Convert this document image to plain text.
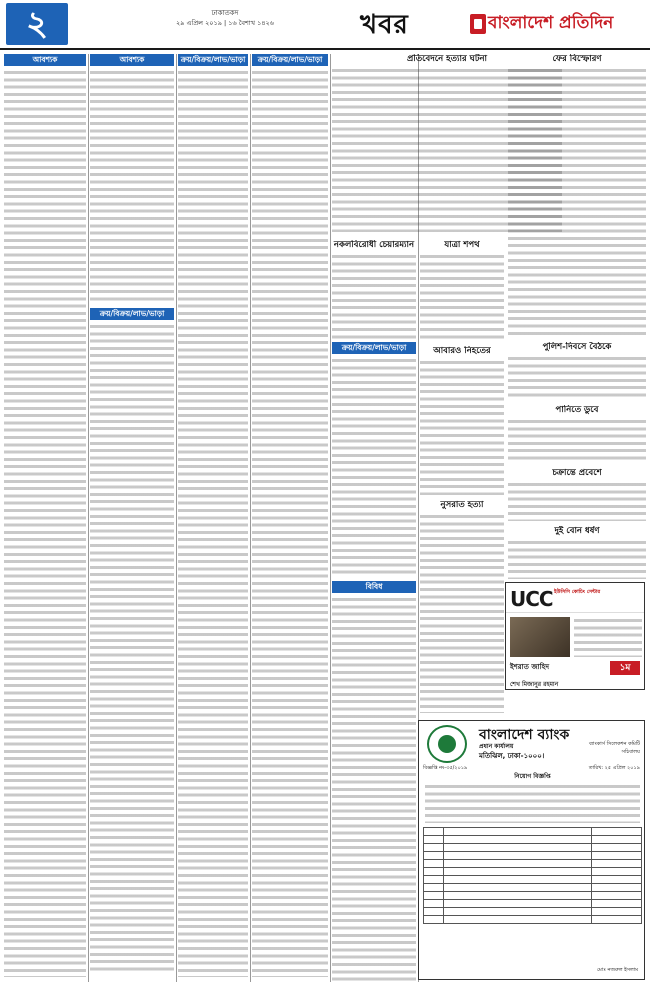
২	ঢাকাতকদ
২৯ এপ্রিল ২০১৯ | ১৬ বৈশাখ ১৪২৬	খবর	বাংলাদেশ প্রতিদিন
আবশ্যক	আবশ্যক
ক্রয়/বিক্রয়/লাভ/ভাড়া
ক্রয়/বিক্রয়/লাভ/ভাড়া	ক্রয়/বিক্রয়/লাভ/ভাড়া	প্রতিবেদনে হত্যার ঘটনা
নকলবিরোধী চেয়ারম্যান
ক্রয়/বিক্রয়/লাভ/ভাড়া
বিবিধ
যাত্রা শপথ
আবারও নিহতের
নুসরাত হত্যা
ফের বিস্ফোরণ
পুলিশ-দিবসে বৈঠকে
পানিতে ডুবে
চক্রান্তে প্রবেশে
দুই বোন ধর্ষণ
UCC ইউসিসি কোচিং সেন্টার
ইশরাত জাহিদ
শেখ মিজানুর রহমান
১ম
বাংলাদেশ ব্যাংক
প্রধান কার্যালয়
মতিঝিল, ঢাকা-১০০০।
ব্যাংকার্স সিলেকশন কমিটি সচিবালয়
বিজ্ঞপ্তি নং-৩৫/২০১৯	তারিখ: ২৫ এপ্রিল ২০১৯
নিয়োগ বিজ্ঞপ্তি

মোঃ নজরুল ইসলাম
